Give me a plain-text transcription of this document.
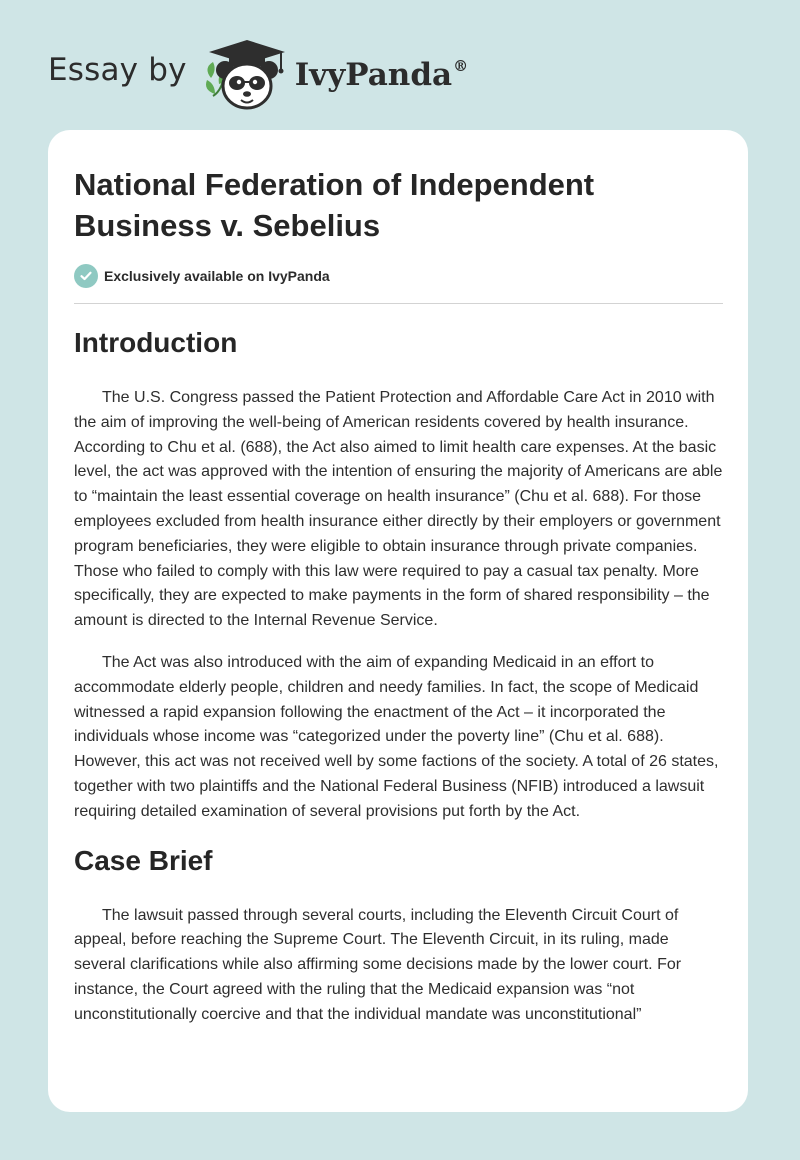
Essay by	IvyPanda®
National Federation of Independent Business v. Sebelius
Exclusively available on IvyPanda
Introduction

The U.S. Congress passed the Patient Protection and Affordable Care Act in 2010 with the aim of improving the well-being of American residents covered by health insurance. According to Chu et al. (688), the Act also aimed to limit health care expenses. At the basic level, the act was approved with the intention of ensuring the majority of Americans are able to “maintain the least essential coverage on health insurance” (Chu et al. 688). For those employees excluded from health insurance either directly by their employers or government program beneficiaries, they were eligible to obtain insurance through private companies. Those who failed to comply with this law were required to pay a casual tax penalty. More specifically, they are expected to make payments in the form of shared responsibility – the amount is directed to the Internal Revenue Service.

The Act was also introduced with the aim of expanding Medicaid in an effort to accommodate elderly people, children and needy families. In fact, the scope of Medicaid witnessed a rapid expansion following the enactment of the Act – it incorporated the individuals whose income was “categorized under the poverty line” (Chu et al. 688). However, this act was not received well by some factions of the society. A total of 26 states, together with two plaintiffs and the National Federal Business (NFIB) introduced a lawsuit requiring detailed examination of several provisions put forth by the Act.

Case Brief

The lawsuit passed through several courts, including the Eleventh Circuit Court of appeal, before reaching the Supreme Court. The Eleventh Circuit, in its ruling, made several clarifications while also affirming some decisions made by the lower court. For instance, the Court agreed with the ruling that the Medicaid expansion was “not unconstitutionally coercive and that the individual mandate was unconstitutional”
